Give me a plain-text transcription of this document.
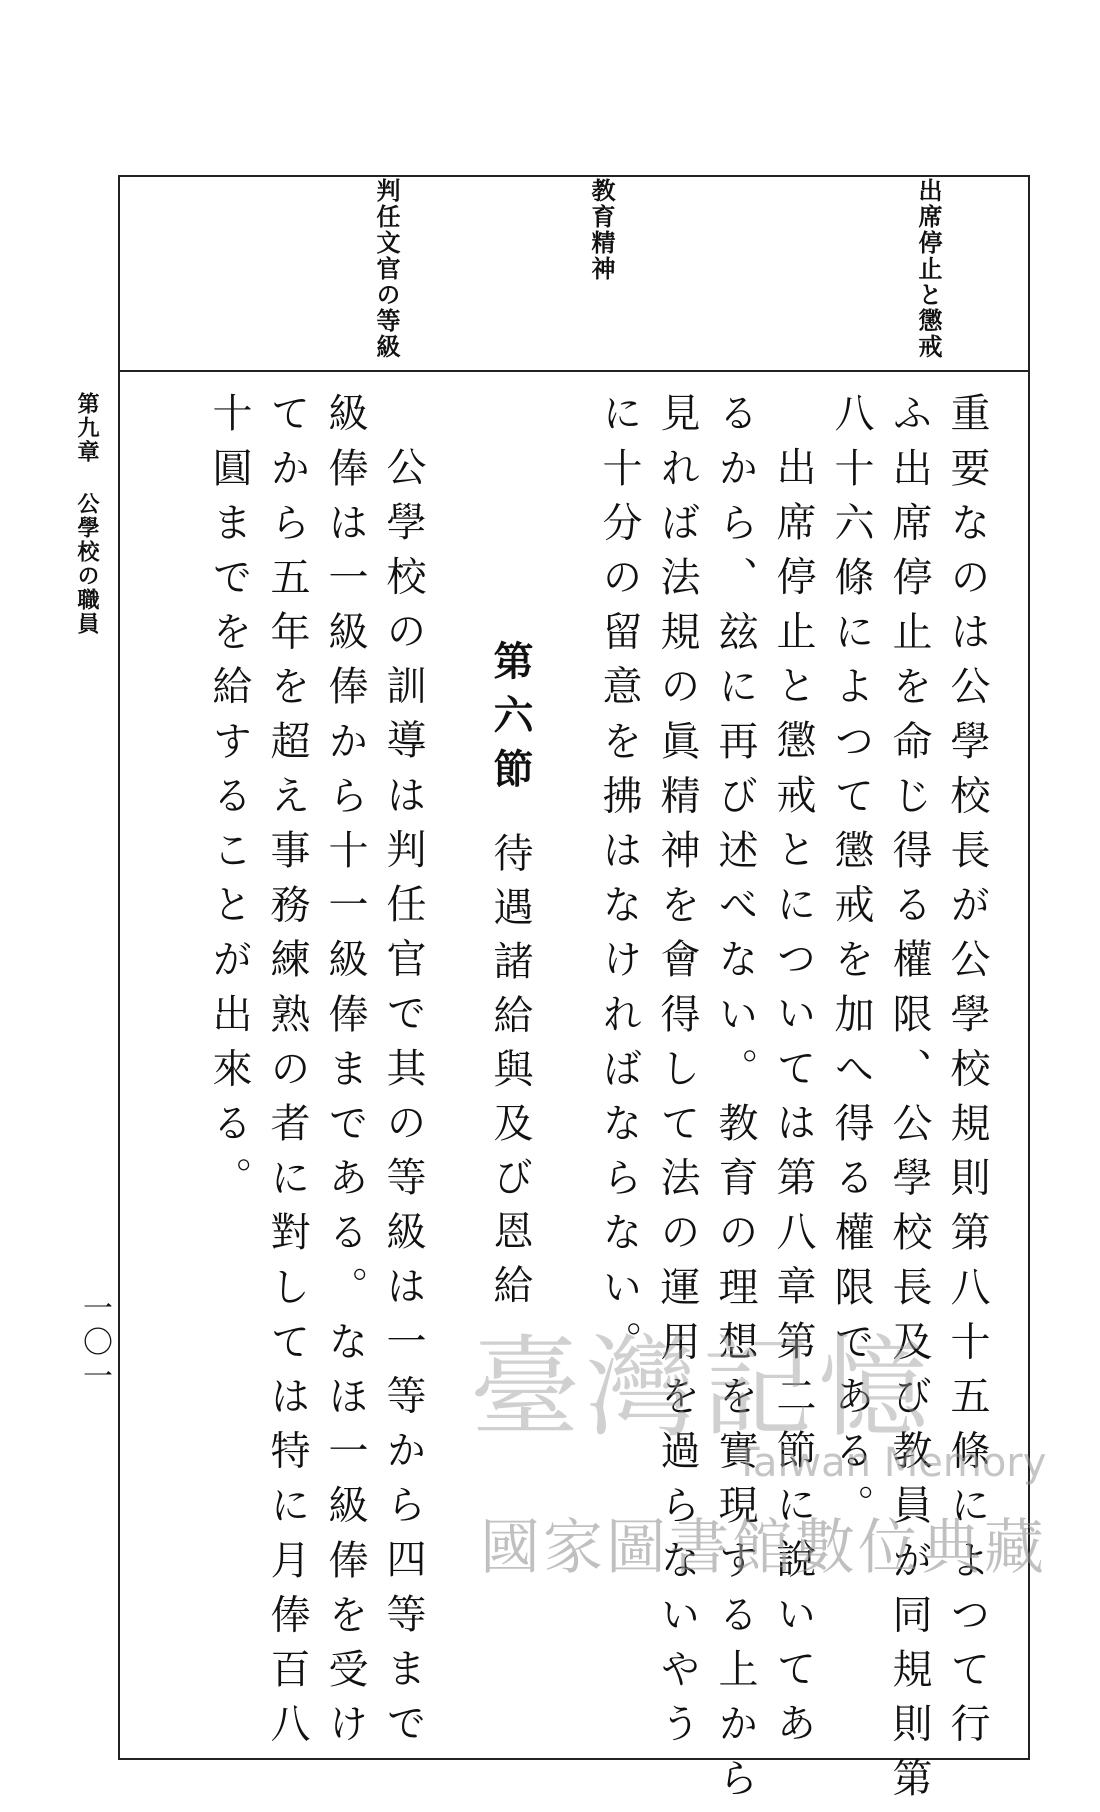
出席停止と懲戒
教育精神
判任文官の等級
重要なのは公學校長が公學校規則第八十五條によつて行
ふ出席停止を命じ得る權限、公學校長及び教員が同規則第
八十六條によつて懲戒を加へ得る權限である。
出席停止と懲戒とについては第八章第二節に說いてあ
るから、玆に再び述べない。教育の理想を實現する上から
見れば法規の眞精神を會得して法の運用を過らないやう
に十分の留意を拂はなければならない。
第六節
待遇諸給與及び恩給
公學校の訓導は判任官で其の等級は一等から四等まで
級俸は一級俸から十一級俸まである。なほ一級俸を受け
てから五年を超え事務練熟の者に對しては特に月俸百八
十圓までを給することが出來る。
第九章 公學校の職員
一〇一	臺灣記憶
Taiwan Memory
國家圖書館數位典藏
